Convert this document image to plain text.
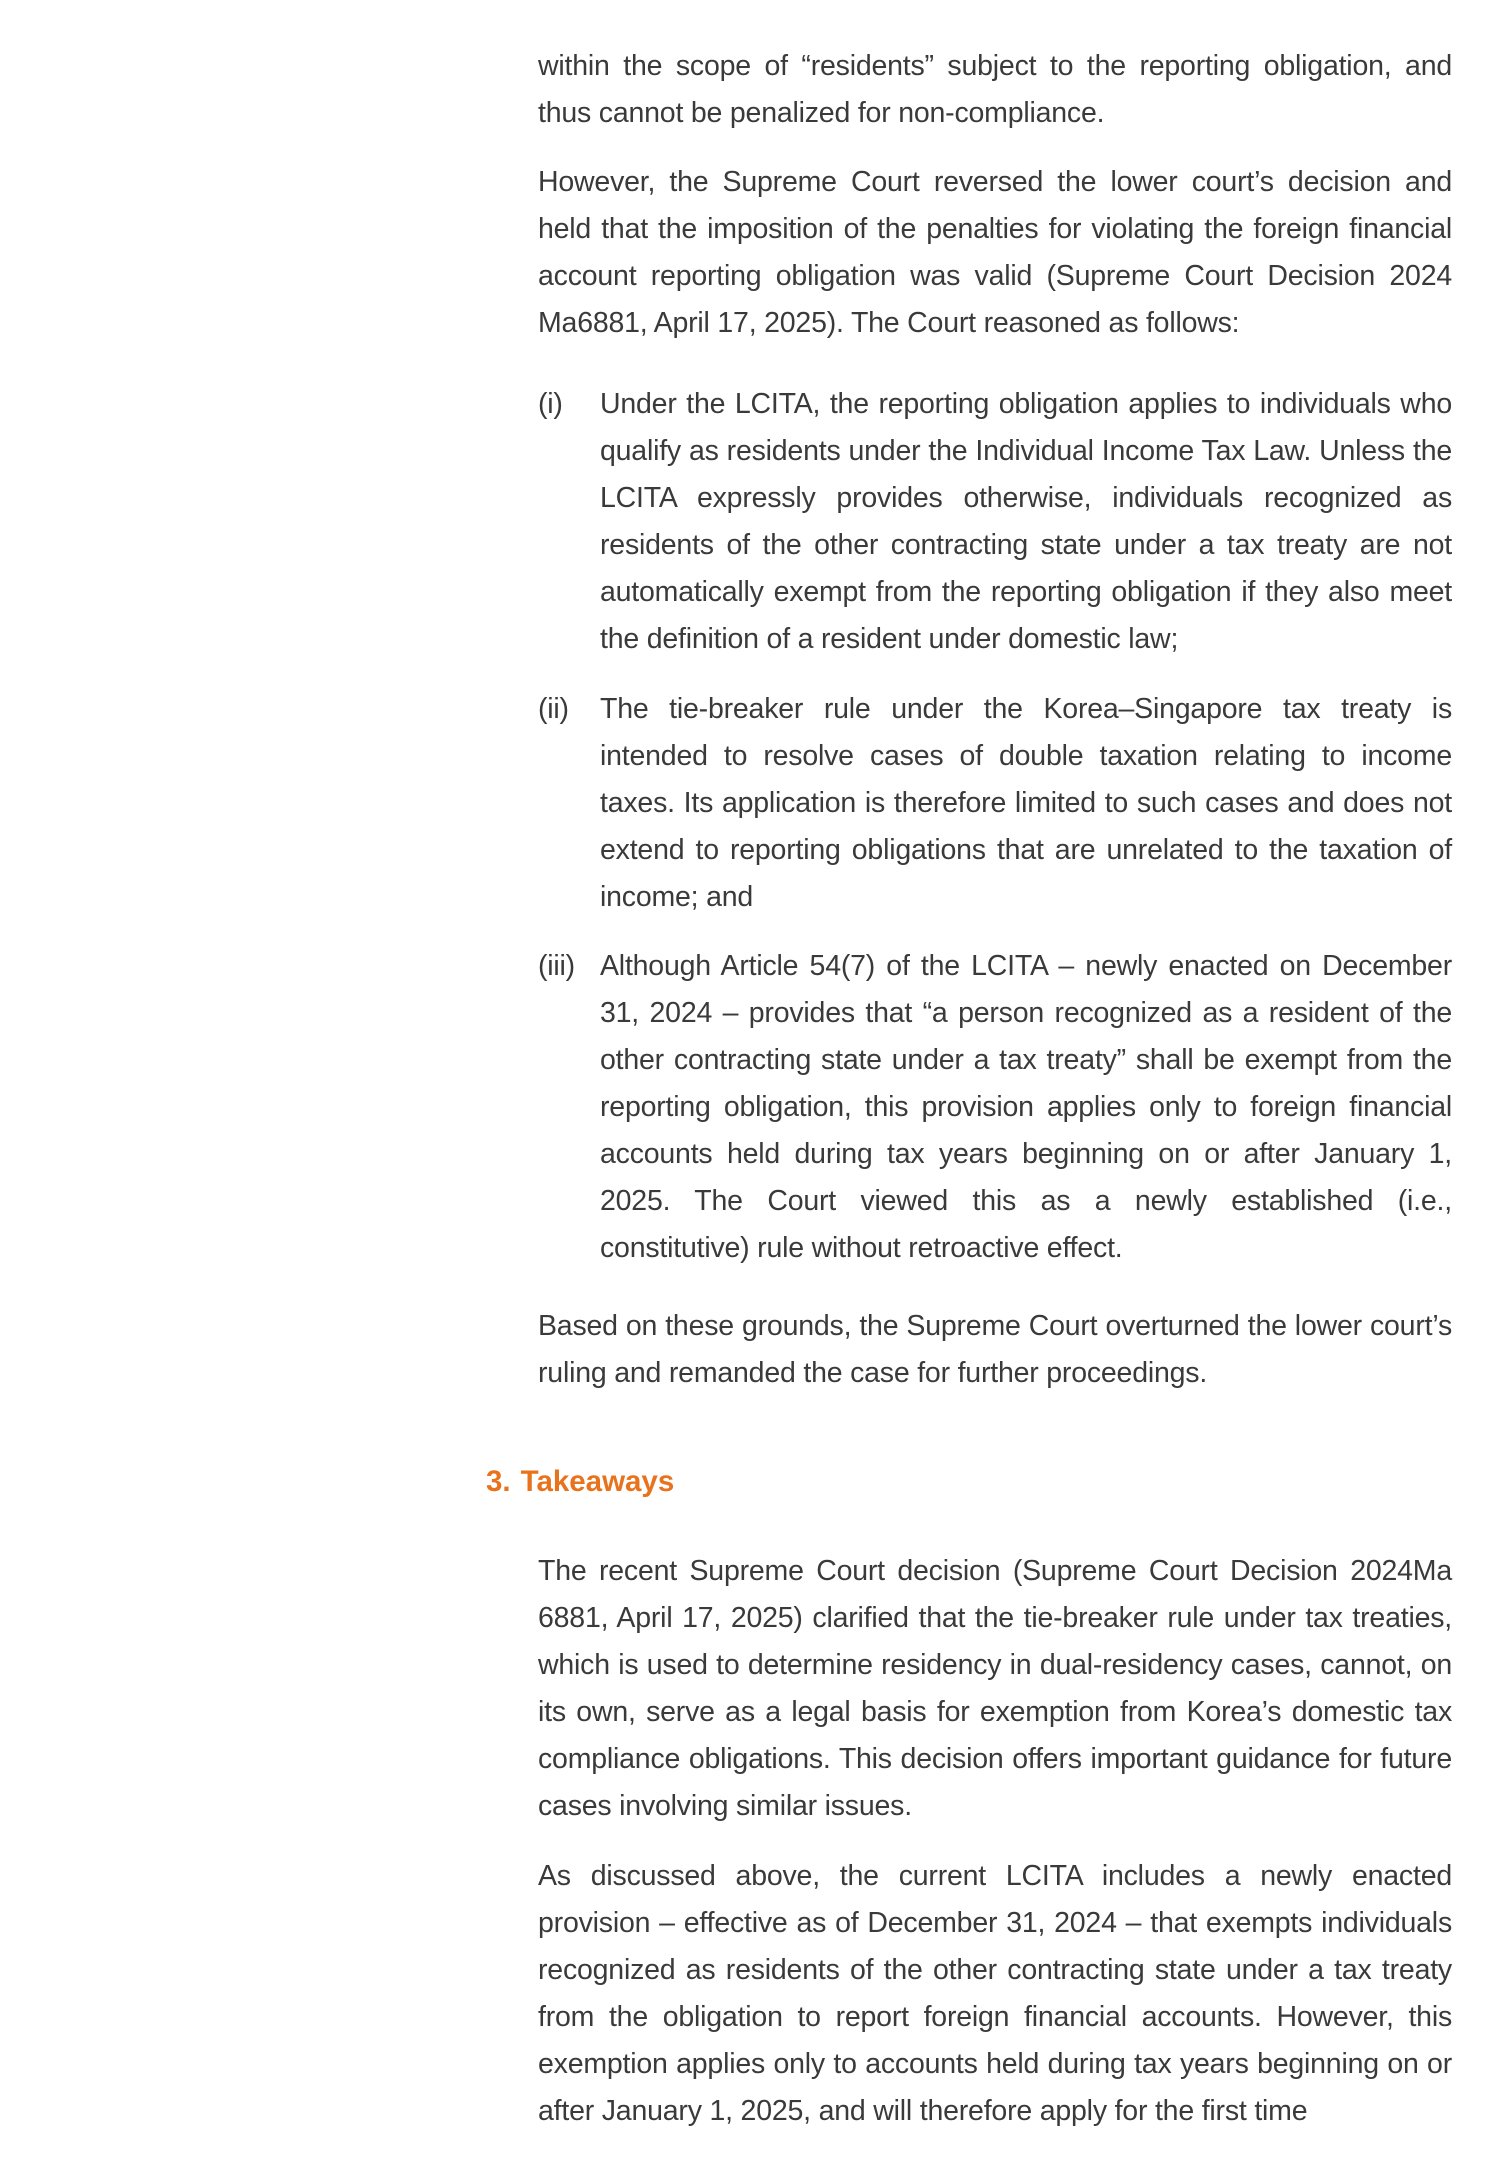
within the scope of “residents” subject to the reporting obligation, and thus cannot be penalized for non-compliance.

However, the Supreme Court reversed the lower court’s decision and held that the imposition of the penalties for violating the foreign financial account reporting obligation was valid (Supreme Court Decision 2024 Ma6881, April 17, 2025). The Court reasoned as follows:

(i) Under the LCITA, the reporting obligation applies to individuals who qualify as residents under the Individual Income Tax Law. Unless the LCITA expressly provides otherwise, individuals recognized as residents of the other contracting state under a tax treaty are not automatically exempt from the reporting obligation if they also meet the definition of a resident under domestic law;

(ii) The tie-breaker rule under the Korea–Singapore tax treaty is intended to resolve cases of double taxation relating to income taxes. Its application is therefore limited to such cases and does not extend to reporting obligations that are unrelated to the taxation of income; and

(iii) Although Article 54(7) of the LCITA – newly enacted on December 31, 2024 – provides that “a person recognized as a resident of the other contracting state under a tax treaty” shall be exempt from the reporting obligation, this provision applies only to foreign financial accounts held during tax years beginning on or after January 1, 2025. The Court viewed this as a newly established (i.e., constitutive) rule without retroactive effect.

Based on these grounds, the Supreme Court overturned the lower court’s ruling and remanded the case for further proceedings.

3. Takeaways

The recent Supreme Court decision (Supreme Court Decision 2024Ma 6881, April 17, 2025) clarified that the tie-breaker rule under tax treaties, which is used to determine residency in dual-residency cases, cannot, on its own, serve as a legal basis for exemption from Korea’s domestic tax compliance obligations. This decision offers important guidance for future cases involving similar issues.

As discussed above, the current LCITA includes a newly enacted provision – effective as of December 31, 2024 – that exempts individuals recognized as residents of the other contracting state under a tax treaty from the obligation to report foreign financial accounts. However, this exemption applies only to accounts held during tax years beginning on or after January 1, 2025, and will therefore apply for the first time
